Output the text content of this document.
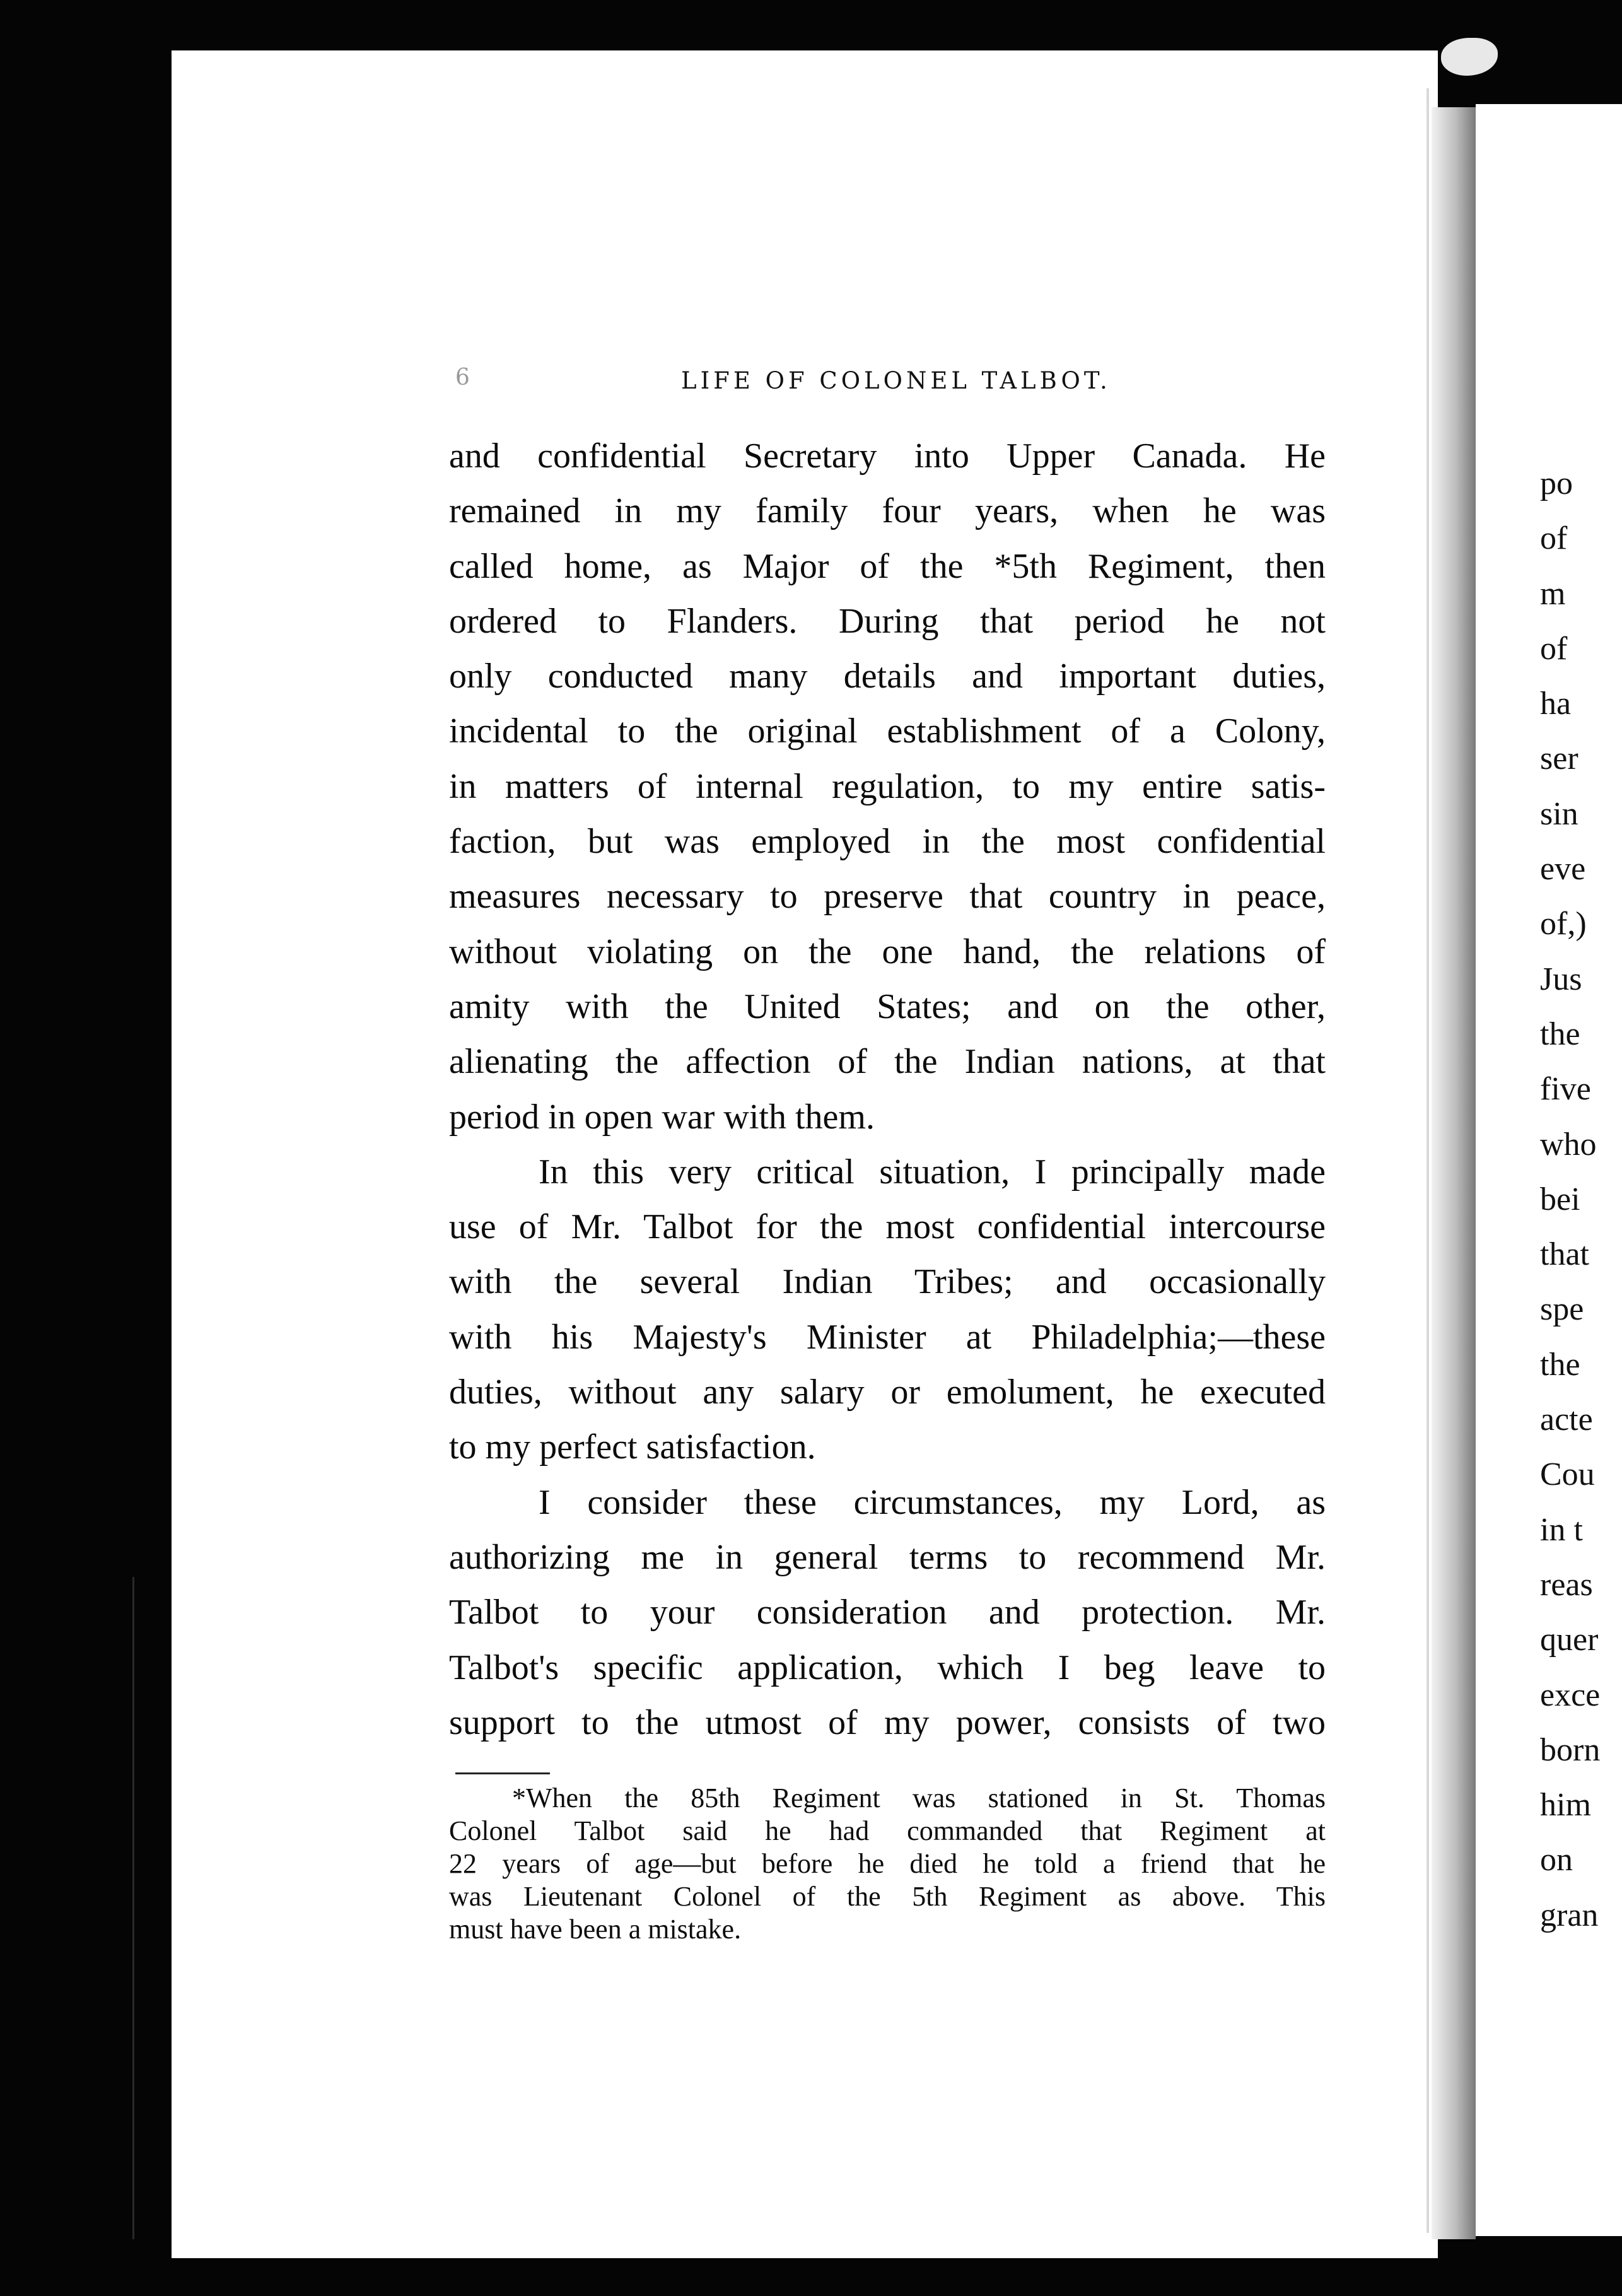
6	LIFE OF COLONEL TALBOT.
and confidential Secretary into Upper Canada. He
remained in my family four years, when he was
called home, as Major of the *5th Regiment, then
ordered to Flanders. During that period he not
only conducted many details and important duties,
incidental to the original establishment of a Colony,
in matters of internal regulation, to my entire satis-
faction, but was employed in the most confidential
measures necessary to preserve that country in peace,
without violating on the one hand, the relations of
amity with the United States; and on the other,
alienating the affection of the Indian nations, at that
period in open war with them.
In this very critical situation, I principally made
use of Mr. Talbot for the most confidential intercourse
with the several Indian Tribes; and occasionally
with his Majesty's Minister at Philadelphia;—these
duties, without any salary or emolument, he executed
to my perfect satisfaction.
I consider these circumstances, my Lord, as
authorizing me in general terms to recommend Mr.
Talbot to your consideration and protection. Mr.
Talbot's specific application, which I beg leave to
support to the utmost of my power, consists of two
*When the 85th Regiment was stationed in St. Thomas
Colonel Talbot said he had commanded that Regiment at
22 years of age—but before he died he told a friend that he
was Lieutenant Colonel of the 5th Regiment as above. This
must have been a mistake.
po
of
m
of
ha
ser
sin
eve
of,)
Jus
the
five
who
bei
that
spe
the
acte
Cou
in t
reas
quer
exce
born
him
on
gran
